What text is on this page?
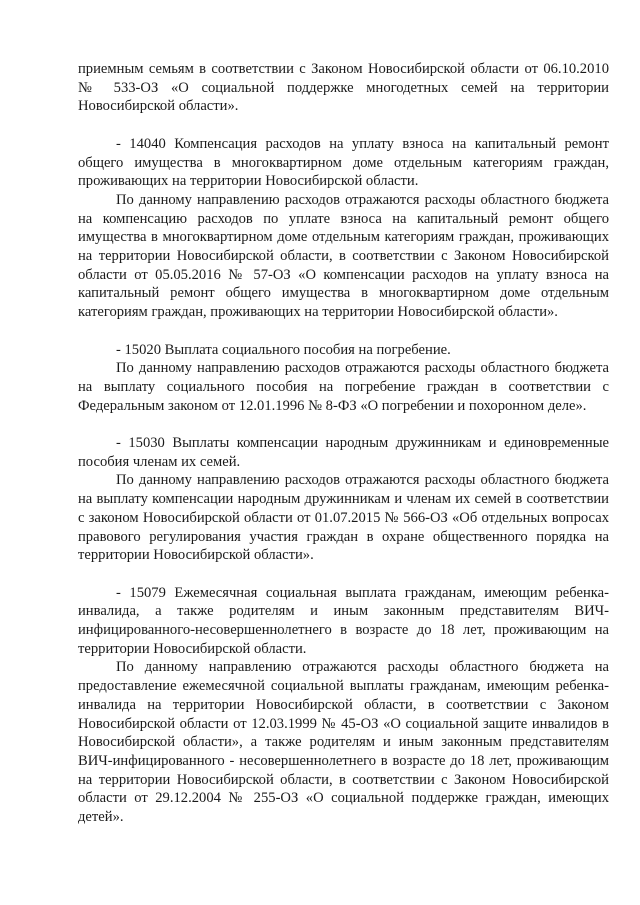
приемным семьям в соответствии с Законом Новосибирской области от 06.10.2010 № 533-ОЗ «О социальной поддержке многодетных семей на территории Новосибирской области».

- 14040 Компенсация расходов на уплату взноса на капитальный ремонт общего имущества в многоквартирном доме отдельным категориям граждан, проживающих на территории Новосибирской области.

По данному направлению расходов отражаются расходы областного бюджета на компенсацию расходов по уплате взноса на капитальный ремонт общего имущества в многоквартирном доме отдельным категориям граждан, проживающих на территории Новосибирской области, в соответствии с Законом Новосибирской области от 05.05.2016 № 57-ОЗ «О компенсации расходов на уплату взноса на капитальный ремонт общего имущества в многоквартирном доме отдельным категориям граждан, проживающих на территории Новосибирской области».

- 15020 Выплата социального пособия на погребение.

По данному направлению расходов отражаются расходы областного бюджета на выплату социального пособия на погребение граждан в соответствии с Федеральным законом от 12.01.1996 № 8-ФЗ «О погребении и похоронном деле».

- 15030 Выплаты компенсации народным дружинникам и единовременные пособия членам их семей.

По данному направлению расходов отражаются расходы областного бюджета на выплату компенсации народным дружинникам и членам их семей в соответствии с законом Новосибирской области от 01.07.2015 № 566-ОЗ «Об отдельных вопросах правового регулирования участия граждан в охране общественного порядка на территории Новосибирской области».

- 15079 Ежемесячная социальная выплата гражданам, имеющим ребенка-инвалида, а также родителям и иным законным представителям ВИЧ-инфицированного-несовершеннолетнего в возрасте до 18 лет, проживающим на территории Новосибирской области.

По данному направлению отражаются расходы областного бюджета на предоставление ежемесячной социальной выплаты гражданам, имеющим ребенка-инвалида на территории Новосибирской области, в соответствии с Законом Новосибирской области от 12.03.1999 № 45-ОЗ «О социальной защите инвалидов в Новосибирской области», а также родителям и иным законным представителям ВИЧ-инфицированного - несовершеннолетнего в возрасте до 18 лет, проживающим на территории Новосибирской области, в соответствии с Законом Новосибирской области от 29.12.2004 № 255-ОЗ «О социальной поддержке граждан, имеющих детей».
